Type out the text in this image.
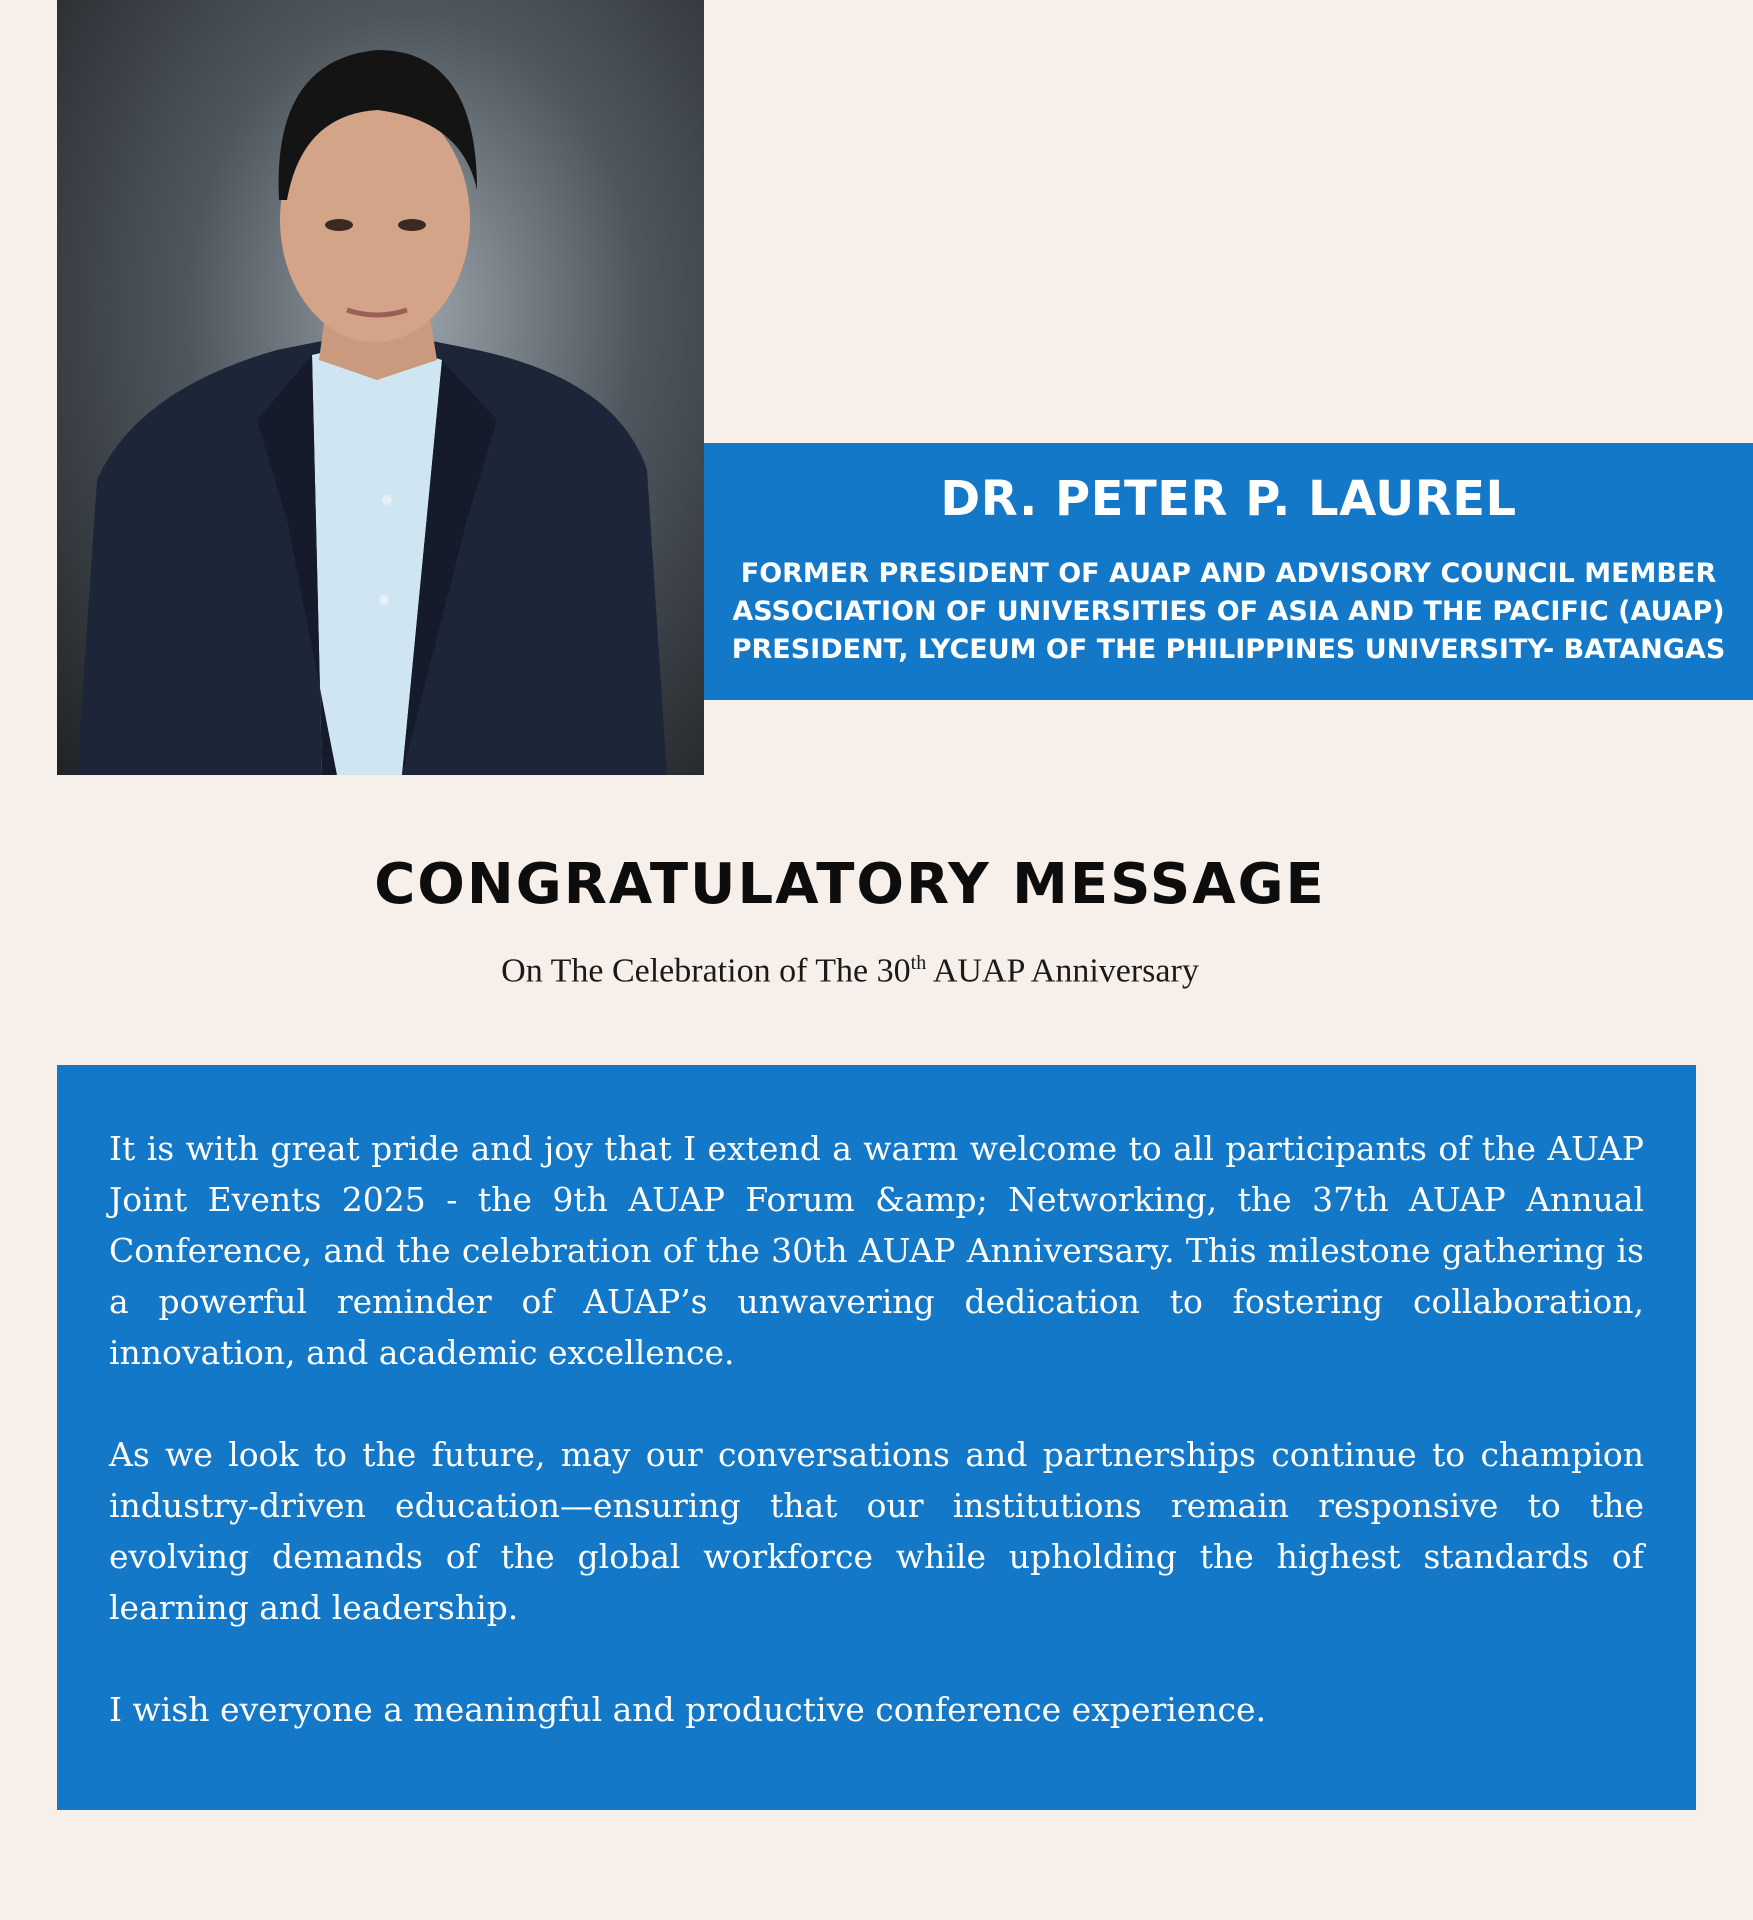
DR. PETER P. LAUREL
FORMER PRESIDENT OF AUAP AND ADVISORY COUNCIL MEMBER
ASSOCIATION OF UNIVERSITIES OF ASIA AND THE PACIFIC (AUAP)
PRESIDENT, LYCEUM OF THE PHILIPPINES UNIVERSITY- BATANGAS
CONGRATULATORY MESSAGE
On The Celebration of The 30th AUAP Anniversary

It is with great pride and joy that I extend a warm welcome to all participants of the AUAP Joint Events 2025 - the 9th AUAP Forum &amp; Networking, the 37th AUAP Annual Conference, and the celebration of the 30th AUAP Anniversary. This milestone gathering is a powerful reminder of AUAP’s unwavering dedication to fostering collaboration, innovation, and academic excellence.

As we look to the future, may our conversations and partnerships continue to champion industry-driven education—ensuring that our institutions remain responsive to the evolving demands of the global workforce while upholding the highest standards of learning and leadership.

I wish everyone a meaningful and productive conference experience.
